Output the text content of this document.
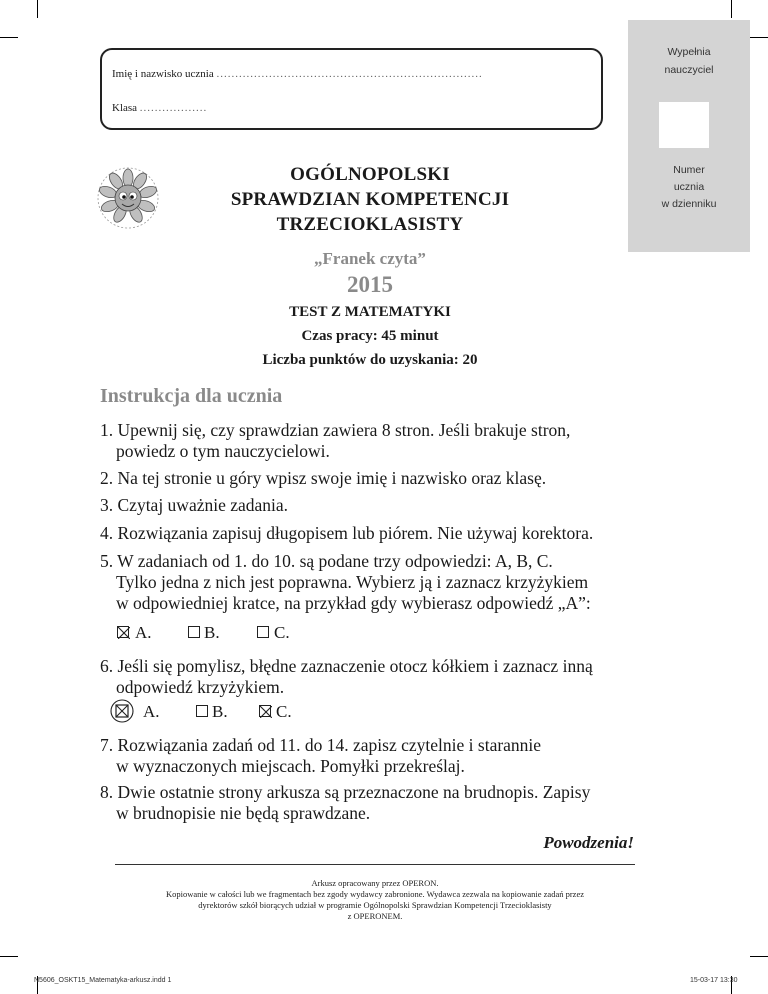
Imię i nazwisko ucznia .......................................................................
Klasa ..................
Wypełnia
nauczyciel
Numer
ucznia
w dzienniku
OGÓLNOPOLSKI
SPRAWDZIAN KOMPETENCJI
TRZECIOKLASISTY
„Franek czyta”
2015
TEST Z MATEMATYKI
Czas pracy: 45 minut
Liczba punktów do uzyskania: 20
Instrukcja dla ucznia
1. Upewnij się, czy sprawdzian zawiera 8 stron. Jeśli brakuje stron,
powiedz o tym nauczycielowi.
2. Na tej stronie u góry wpisz swoje imię i nazwisko oraz klasę.
3. Czytaj uważnie zadania.
4. Rozwiązania zapisuj długopisem lub piórem. Nie używaj korektora.
5. W zadaniach od 1. do 10. są podane trzy odpowiedzi: A, B, C.
Tylko jedna z nich jest poprawna. Wybierz ją i zaznacz krzyżykiem
w odpowiedniej kratce, na przykład gdy wybierasz odpowiedź „A”:
A.	B.	C.
6. Jeśli się pomylisz, błędne zaznaczenie otocz kółkiem i zaznacz inną
odpowiedź krzyżykiem.
A.	B.	C.
7. Rozwiązania zadań od 11. do 14. zapisz czytelnie i starannie
w wyznaczonych miejscach. Pomyłki przekreślaj.
8. Dwie ostatnie strony arkusza są przeznaczone na brudnopis. Zapisy
w brudnopisie nie będą sprawdzane.
Powodzenia!
Arkusz opracowany przez OPERON.
Kopiowanie w całości lub we fragmentach bez zgody wydawcy zabronione. Wydawca zezwala na kopiowanie zadań przez
dyrektorów szkół biorących udział w programie Ogólnopolski Sprawdzian Kompetencji Trzecioklasisty
z OPERONEM.
N5606_OSKT15_Matematyka-arkusz.indd 1	15-03-17 13:30
